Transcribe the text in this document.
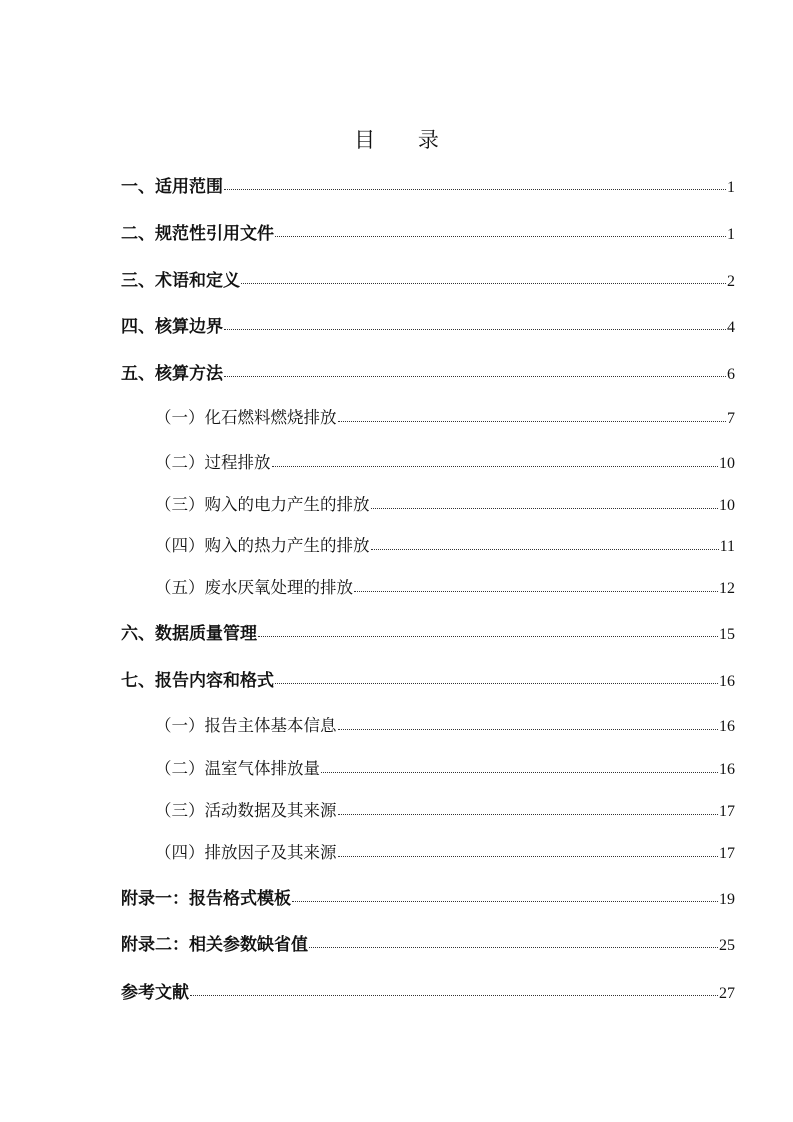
目 录
一、适用范围	1
二、规范性引用文件	1
三、术语和定义	2
四、核算边界	4
五、核算方法	6
（一）化石燃料燃烧排放	7
（二）过程排放	10
（三）购入的电力产生的排放	10
（四）购入的热力产生的排放	11
（五）废水厌氧处理的排放	12
六、数据质量管理	15
七、报告内容和格式	16
（一）报告主体基本信息	16
（二）温室气体排放量	16
（三）活动数据及其来源	17
（四）排放因子及其来源	17
附录一：报告格式模板	19
附录二：相关参数缺省值	25
参考文献	27
